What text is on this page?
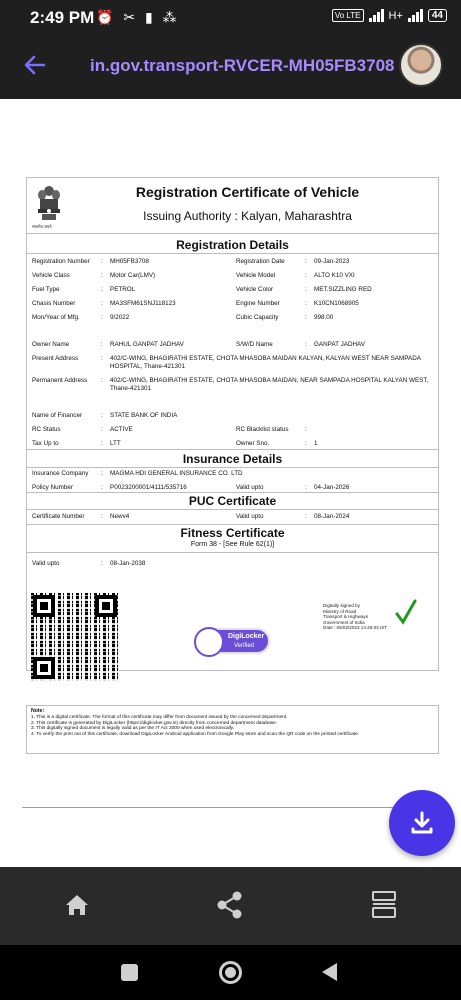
2:49 PM ⏰ ✂ ▮ ⁂	Vo LTE	H+	44
in.gov.transport-RVCER-MH05FB3708
सत्यमेव जयते
Registration Certificate of Vehicle
Issuing Authority : Kalyan, Maharashtra
Registration Details
Registration Number : MH05FB3708	Registration Date	: 09-Jan-2023
Vehicle Class	: Motor Car(LMV)	Vehicle Model	: ALTO K10 VXI
Fuel Type	: PETROL	Vehicle Color	: MET.SIZZLING RED
Chasis Number	: MA3SFM61SNJ118123	Engine Number	: K10CN1068905
Mon/Year of Mfg.	: 9/2022	Cubic Capacity	: 998.00
Owner Name	: RAHUL GANPAT JADHAV	S/W/D Name	: GANPAT JADHAV
Present Address	: 402/C-WING, BHAGIRATHI ESTATE, CHOTA MHASOBA MAIDAN KALYAN, KALYAN WEST NEAR SAMPADA HOSPITAL, Thane-421301
Permanent Address : 402/C-WING, BHAGIRATHI ESTATE, CHOTA MHASOBA MAIDAN, NEAR SAMPADA HOSPITAL KALYAN WEST, Thane-421301
Name of Financer	: STATE BANK OF INDIA
RC Status	: ACTIVE	RC Blacklist status	:
Tax Up to	: LTT	Owner Sno.	: 1
Insurance Details
Insurance Company : MAGMA HDI GENERAL INSURANCE CO. LTD
Policy Number	: P0023200001/4111/535716	Valid upto	: 04-Jan-2026
PUC Certificate
Certificate Number	: Newv4	Valid upto	: 08-Jan-2024
Fitness Certificate
Form 38 - [See Rule 62(1)]
Valid upto	: 08-Jan-2038
DigiLocker
Verified
Digitally signed by
Ministry of Road
Transport & Highways
Government of India
Date : 05/02/2023 14:46:03 IST
Note:
1. This is a digital certificate. The format of this certificate may differ from document issued by the concerned department.
2. This certificate is generated by DigiLocker (https://digilocker.gov.in) directly from concerned department database.
3. This digitally signed document is legally valid as per the IT Act 2000 when used electronically.
4. To verify the print out of this certificate, download DigiLocker Android application from Google Play store and scan the QR code on the printed certificate.
